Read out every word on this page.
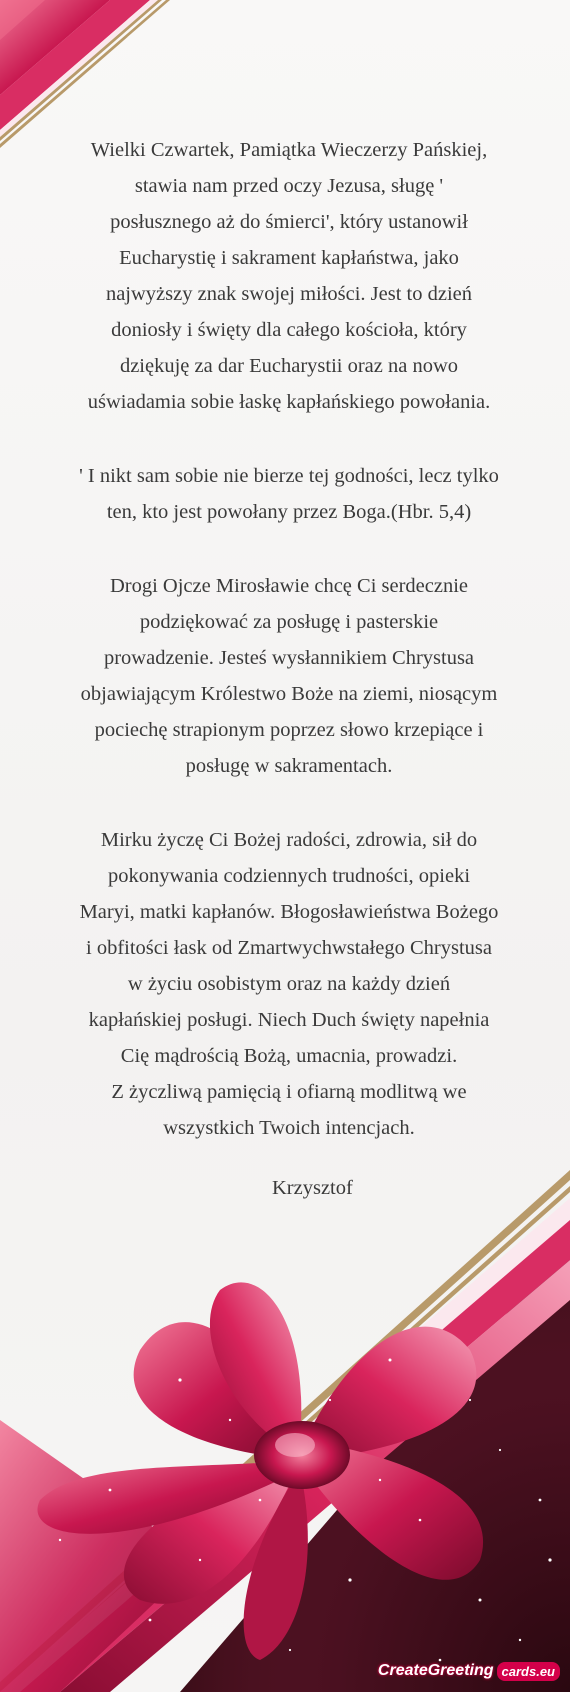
Wielki Czwartek, Pamiątka Wieczerzy Pańskiej,
stawia nam przed oczy Jezusa, sługę '
posłusznego aż do śmierci', który ustanowił
Eucharystię i sakrament kapłaństwa, jako
najwyższy znak swojej miłości. Jest to dzień
doniosły i święty dla całego kościoła, który
dziękuję za dar Eucharystii oraz na nowo
uświadamia sobie łaskę kapłańskiego powołania.

' I nikt sam sobie nie bierze tej godności, lecz tylko
ten, kto jest powołany przez Boga.(Hbr. 5,4)

Drogi Ojcze Mirosławie chcę Ci serdecznie
podziękować za posługę i pasterskie
prowadzenie. Jesteś wysłannikiem Chrystusa
objawiającym Królestwo Boże na ziemi, niosącym
pociechę strapionym poprzez słowo krzepiące i
posługę w sakramentach.

Mirku życzę Ci Bożej radości, zdrowia, sił do
pokonywania codziennych trudności, opieki
Maryi, matki kapłanów. Błogosławieństwa Bożego
i obfitości łask od Zmartwychwstałego Chrystusa
w życiu osobistym oraz na każdy dzień
kapłańskiej posługi. Niech Duch święty napełnia
Cię mądrością Bożą, umacnia, prowadzi.
Z życzliwą pamięcią i ofiarną modlitwą we
wszystkich Twoich intencjach.

Krzysztof
CreateGreeting cards.eu
